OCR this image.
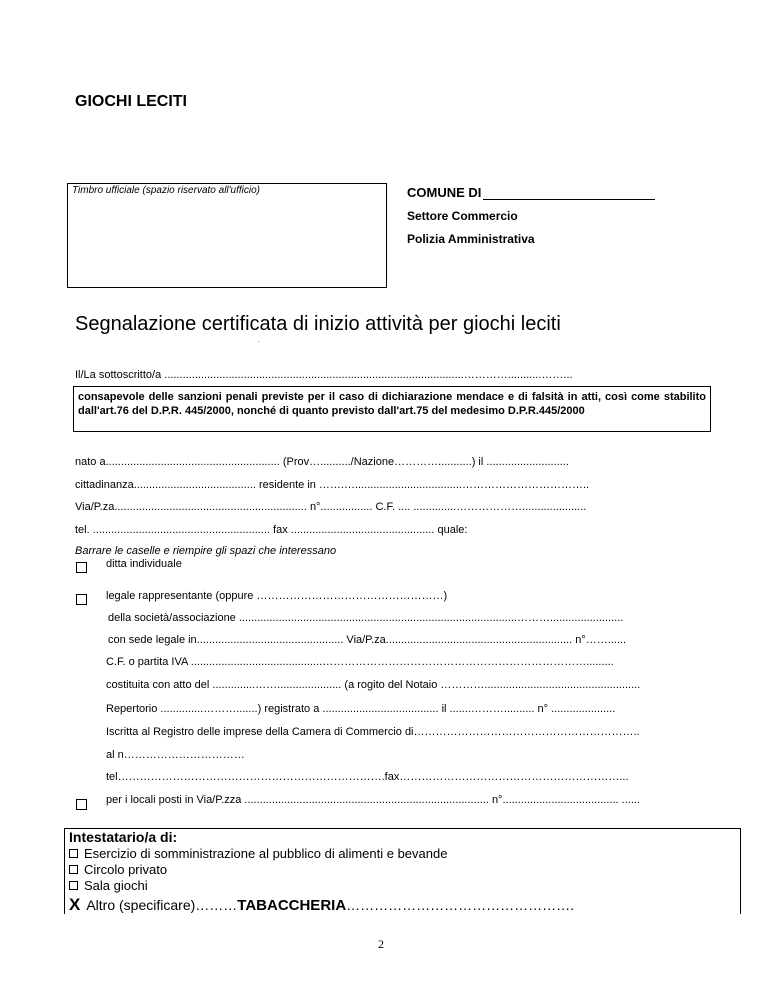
GIOCHI LECITI
Timbro ufficiale (spazio riservato all'ufficio)	COMUNE DI
Settore Commercio
Polizia Amministrativa
Segnalazione certificata di inizio attività per giochi leciti
.
Il/La sottoscritto/a ..................................................................................................…………...........……...
consapevole delle sanzioni penali previste per il caso di dichiarazione mendace e di falsità in atti, così come stabilito dall'art.76 del D.P.R. 445/2000, nonché di quanto previsto dall'art.75 del medesimo D.P.R.445/2000
nato a......................................................... (Prov…........../Nazione…………...........) il ...........................
cittadinanza........................................ residente in …….…...................................……………………………..
Via/P.za............................................................... n°................. C.F. .... ..............……………….....................
tel. .......................................................... fax ............................................... quale:
Barrare le caselle e riempire gli spazi che interessano
ditta individuale
legale rappresentante (oppure ……………………………………………)
della società/associazione ...........................................................................................………........................
con sede legale in................................................ Via/P.za............................................................. n°……......
C.F. o partita IVA ...........................................……………………………………………………………….........
costituita con atto del ..............……..................... (a rogito del Notaio …………...................................................
Repertorio ..............……….......) registrato a ...................................... il .......……….......... n° .....................
Iscritta al Registro delle imprese della Camera di Commercio di……………………………………………………..
al n……………………………
tel……………………………………………………………….fax……………………………………………………...
per i locali posti in Via/P.zza ................................................................................ n°...................................... ......
Intestatario/a di:
Esercizio di somministrazione al pubblico di alimenti e bevande
Circolo privato
Sala giochi
X Altro (specificare)………TABACCHERIA………………………………………….
2
